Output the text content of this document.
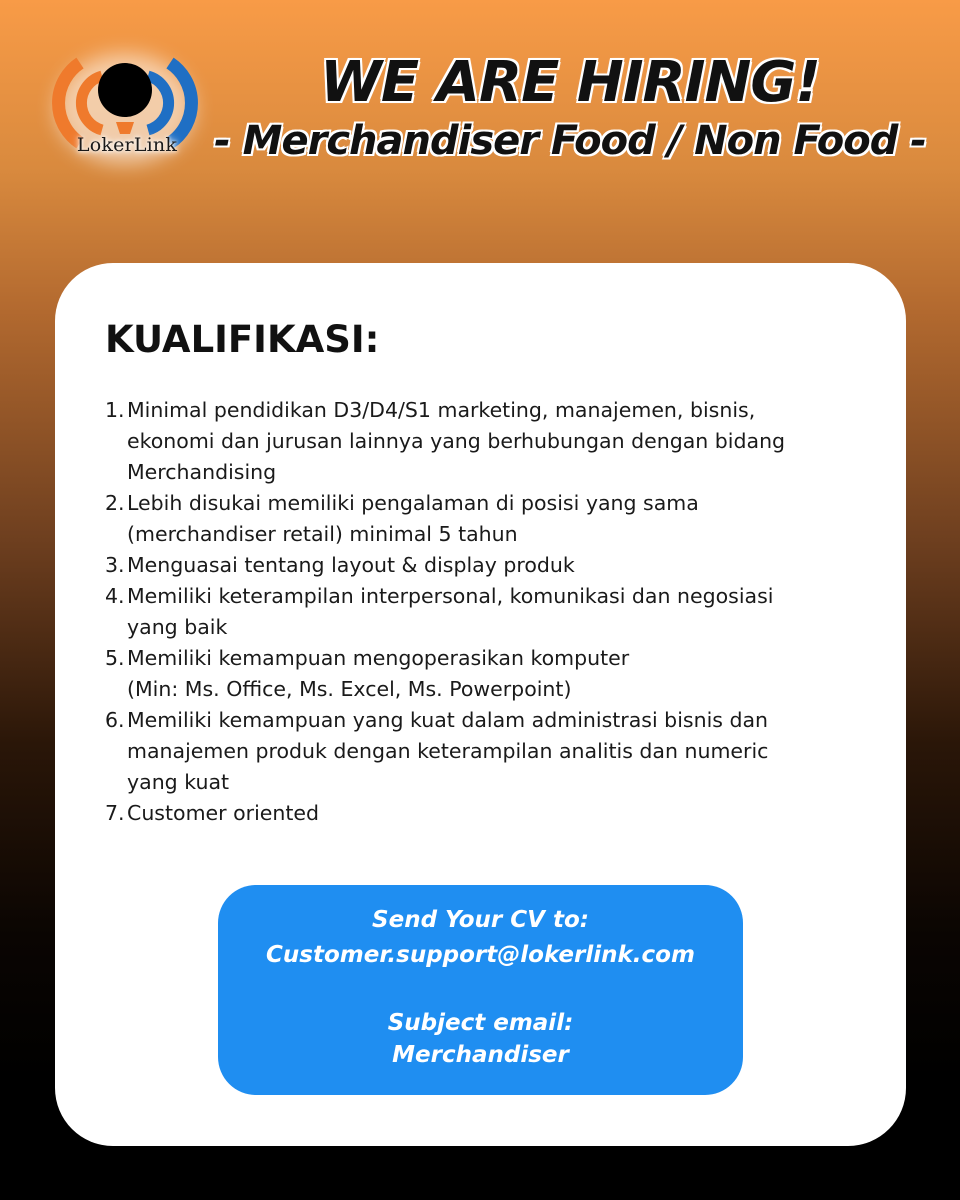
LokerLink
WE ARE HIRING!
- Merchandiser Food / Non Food -
KUALIFIKASI:
1. Minimal pendidikan D3/D4/S1 marketing, manajemen, bisnis,
ekonomi dan jurusan lainnya yang berhubungan dengan bidang
Merchandising
2. Lebih disukai memiliki pengalaman di posisi yang sama
(merchandiser retail) minimal 5 tahun
3. Menguasai tentang layout & display produk
4. Memiliki keterampilan interpersonal, komunikasi dan negosiasi
yang baik
5. Memiliki kemampuan mengoperasikan komputer
(Min: Ms. Office, Ms. Excel, Ms. Powerpoint)
6. Memiliki kemampuan yang kuat dalam administrasi bisnis dan
manajemen produk dengan keterampilan analitis dan numeric
yang kuat
7. Customer oriented
Send Your CV to:
Customer.support@lokerlink.com
Subject email:
Merchandiser
